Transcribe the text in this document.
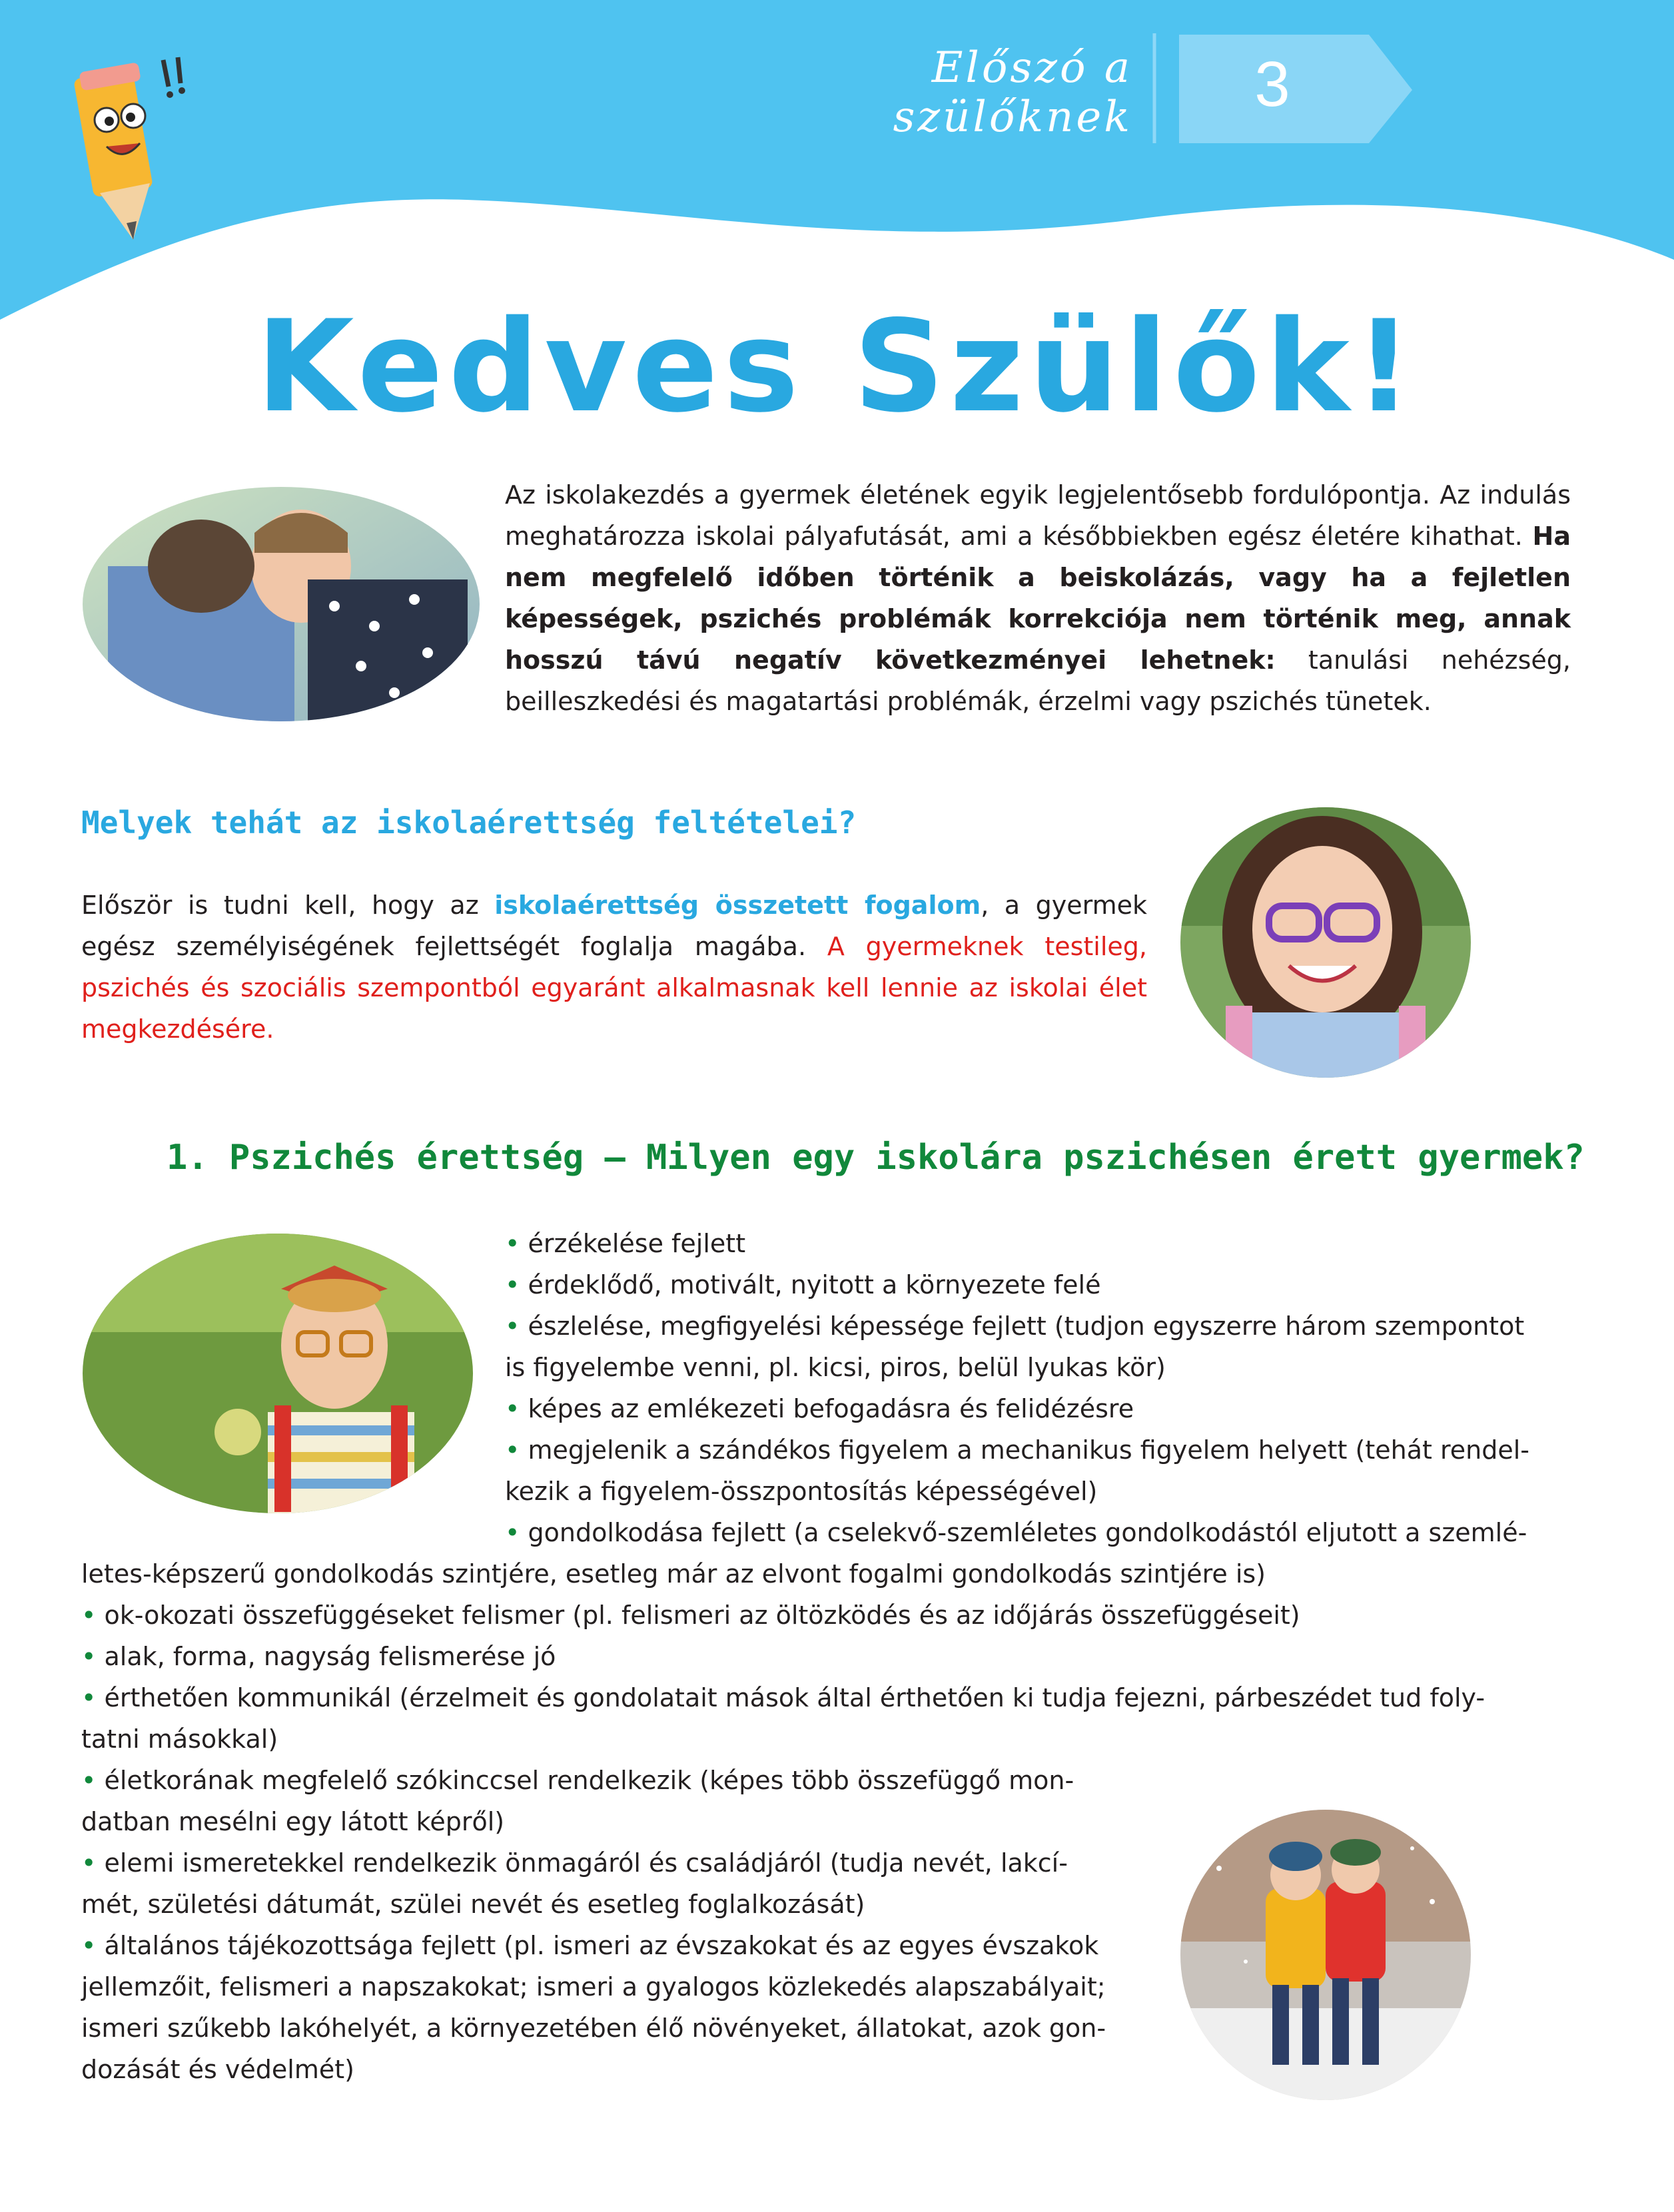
Előszó a szülőknek	3
Kedves Szülők!
Az iskolakezdés a gyermek életének egyik legjelentősebb fordulópontja. Az indulás meghatározza iskolai pályafutását, ami a későbbiekben egész életére kihathat. Ha nem megfelelő időben történik a beiskolázás, vagy ha a fejletlen képességek, pszichés problémák korrekciója nem történik meg, annak hosszú távú negatív következményei lehetnek: tanulási nehézség, beilleszkedési és magatartási problémák, érzelmi vagy pszichés tünetek.
Melyek tehát az iskolaérettség feltételei?
Először is tudni kell, hogy az iskolaérettség összetett fogalom, a gyermek egész személyiségének fejlettségét foglalja magába. A gyermeknek testileg, pszichés és szociális szempontból egyaránt alkalmasnak kell lennie az iskolai élet megkezdésére.
1. Pszichés érettség – Milyen egy iskolára pszichésen érett gyermek?
• érzékelése fejlett
• érdeklődő, motivált, nyitott a környezete felé
• észlelése, megfigyelési képessége fejlett (tudjon egyszerre három szempontot
is figyelembe venni, pl. kicsi, piros, belül lyukas kör)
• képes az emlékezeti befogadásra és felidézésre
• megjelenik a szándékos figyelem a mechanikus figyelem helyett (tehát rendel-
kezik a figyelem-összpontosítás képességével)
• gondolkodása fejlett (a cselekvő-szemléletes gondolkodástól eljutott a szemlé-
letes-képszerű gondolkodás szintjére, esetleg már az elvont fogalmi gondolkodás szintjére is)
• ok-okozati összefüggéseket felismer (pl. felismeri az öltözködés és az időjárás összefüggéseit)
• alak, forma, nagyság felismerése jó
• érthetően kommunikál (érzelmeit és gondolatait mások által érthetően ki tudja fejezni, párbeszédet tud foly-
tatni másokkal)
• életkorának megfelelő szókinccsel rendelkezik (képes több összefüggő mon-
datban mesélni egy látott képről)
• elemi ismeretekkel rendelkezik önmagáról és családjáról (tudja nevét, lakcí-
mét, születési dátumát, szülei nevét és esetleg foglalkozását)
• általános tájékozottsága fejlett (pl. ismeri az évszakokat és az egyes évszakok
jellemzőit, felismeri a napszakokat; ismeri a gyalogos közlekedés alapszabályait;
ismeri szűkebb lakóhelyét, a környezetében élő növényeket, állatokat, azok gon-
dozását és védelmét)
